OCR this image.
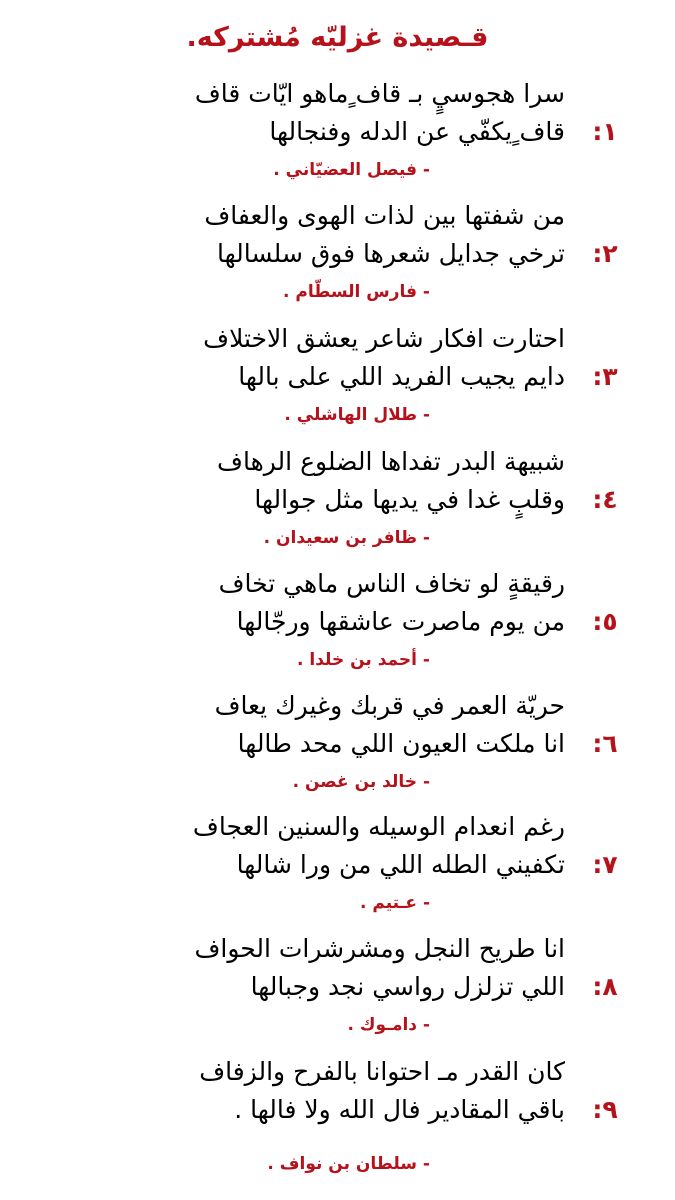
قـصيدة غزليّه مُشتركه.
سرا هجوسيٍ بـ قاف ٍماهو ايّات قاف
قاف ٍيكفّي عن الدله وفنجالها	١:
- فيصل العضيّاني .
من شفتها بين لذات الهوى والعفاف
ترخي جدايل شعرها فوق سلسالها	٢:
- فارس السطّام .
احتارت افكار شاعر يعشق الاختلاف
دايم يجيب الفريد اللي على بالها	٣:
- طلال الهاشلي .
شبيهة البدر تفداها الضلوع الرهاف
وقلبٍ غدا في يديها مثل جوالها	٤:
- ظافر بن سعيدان .
رقيقةٍ لو تخاف الناس ماهي تخاف
من يوم ماصرت عاشقها ورجّالها	٥:
- أحمد بن خلدا .
حريّة العمر في قربك وغيرك يعاف
انا ملكت العيون اللي محد طالها	٦:
- خالد بن غصن .
رغم انعدام الوسيله والسنين العجاف
تكفيني الطله اللي من ورا شالها	٧:
- عـتيم .
انا طريح النجل ومشرشرات الحواف
اللي تزلزل رواسي نجد وجبالها	٨:
- دامـوك .
كان القدر مـ احتوانا بالفرح والزفاف
باقي المقادير فال الله ولا فالها .	٩:
- سلطان بن نواف .
